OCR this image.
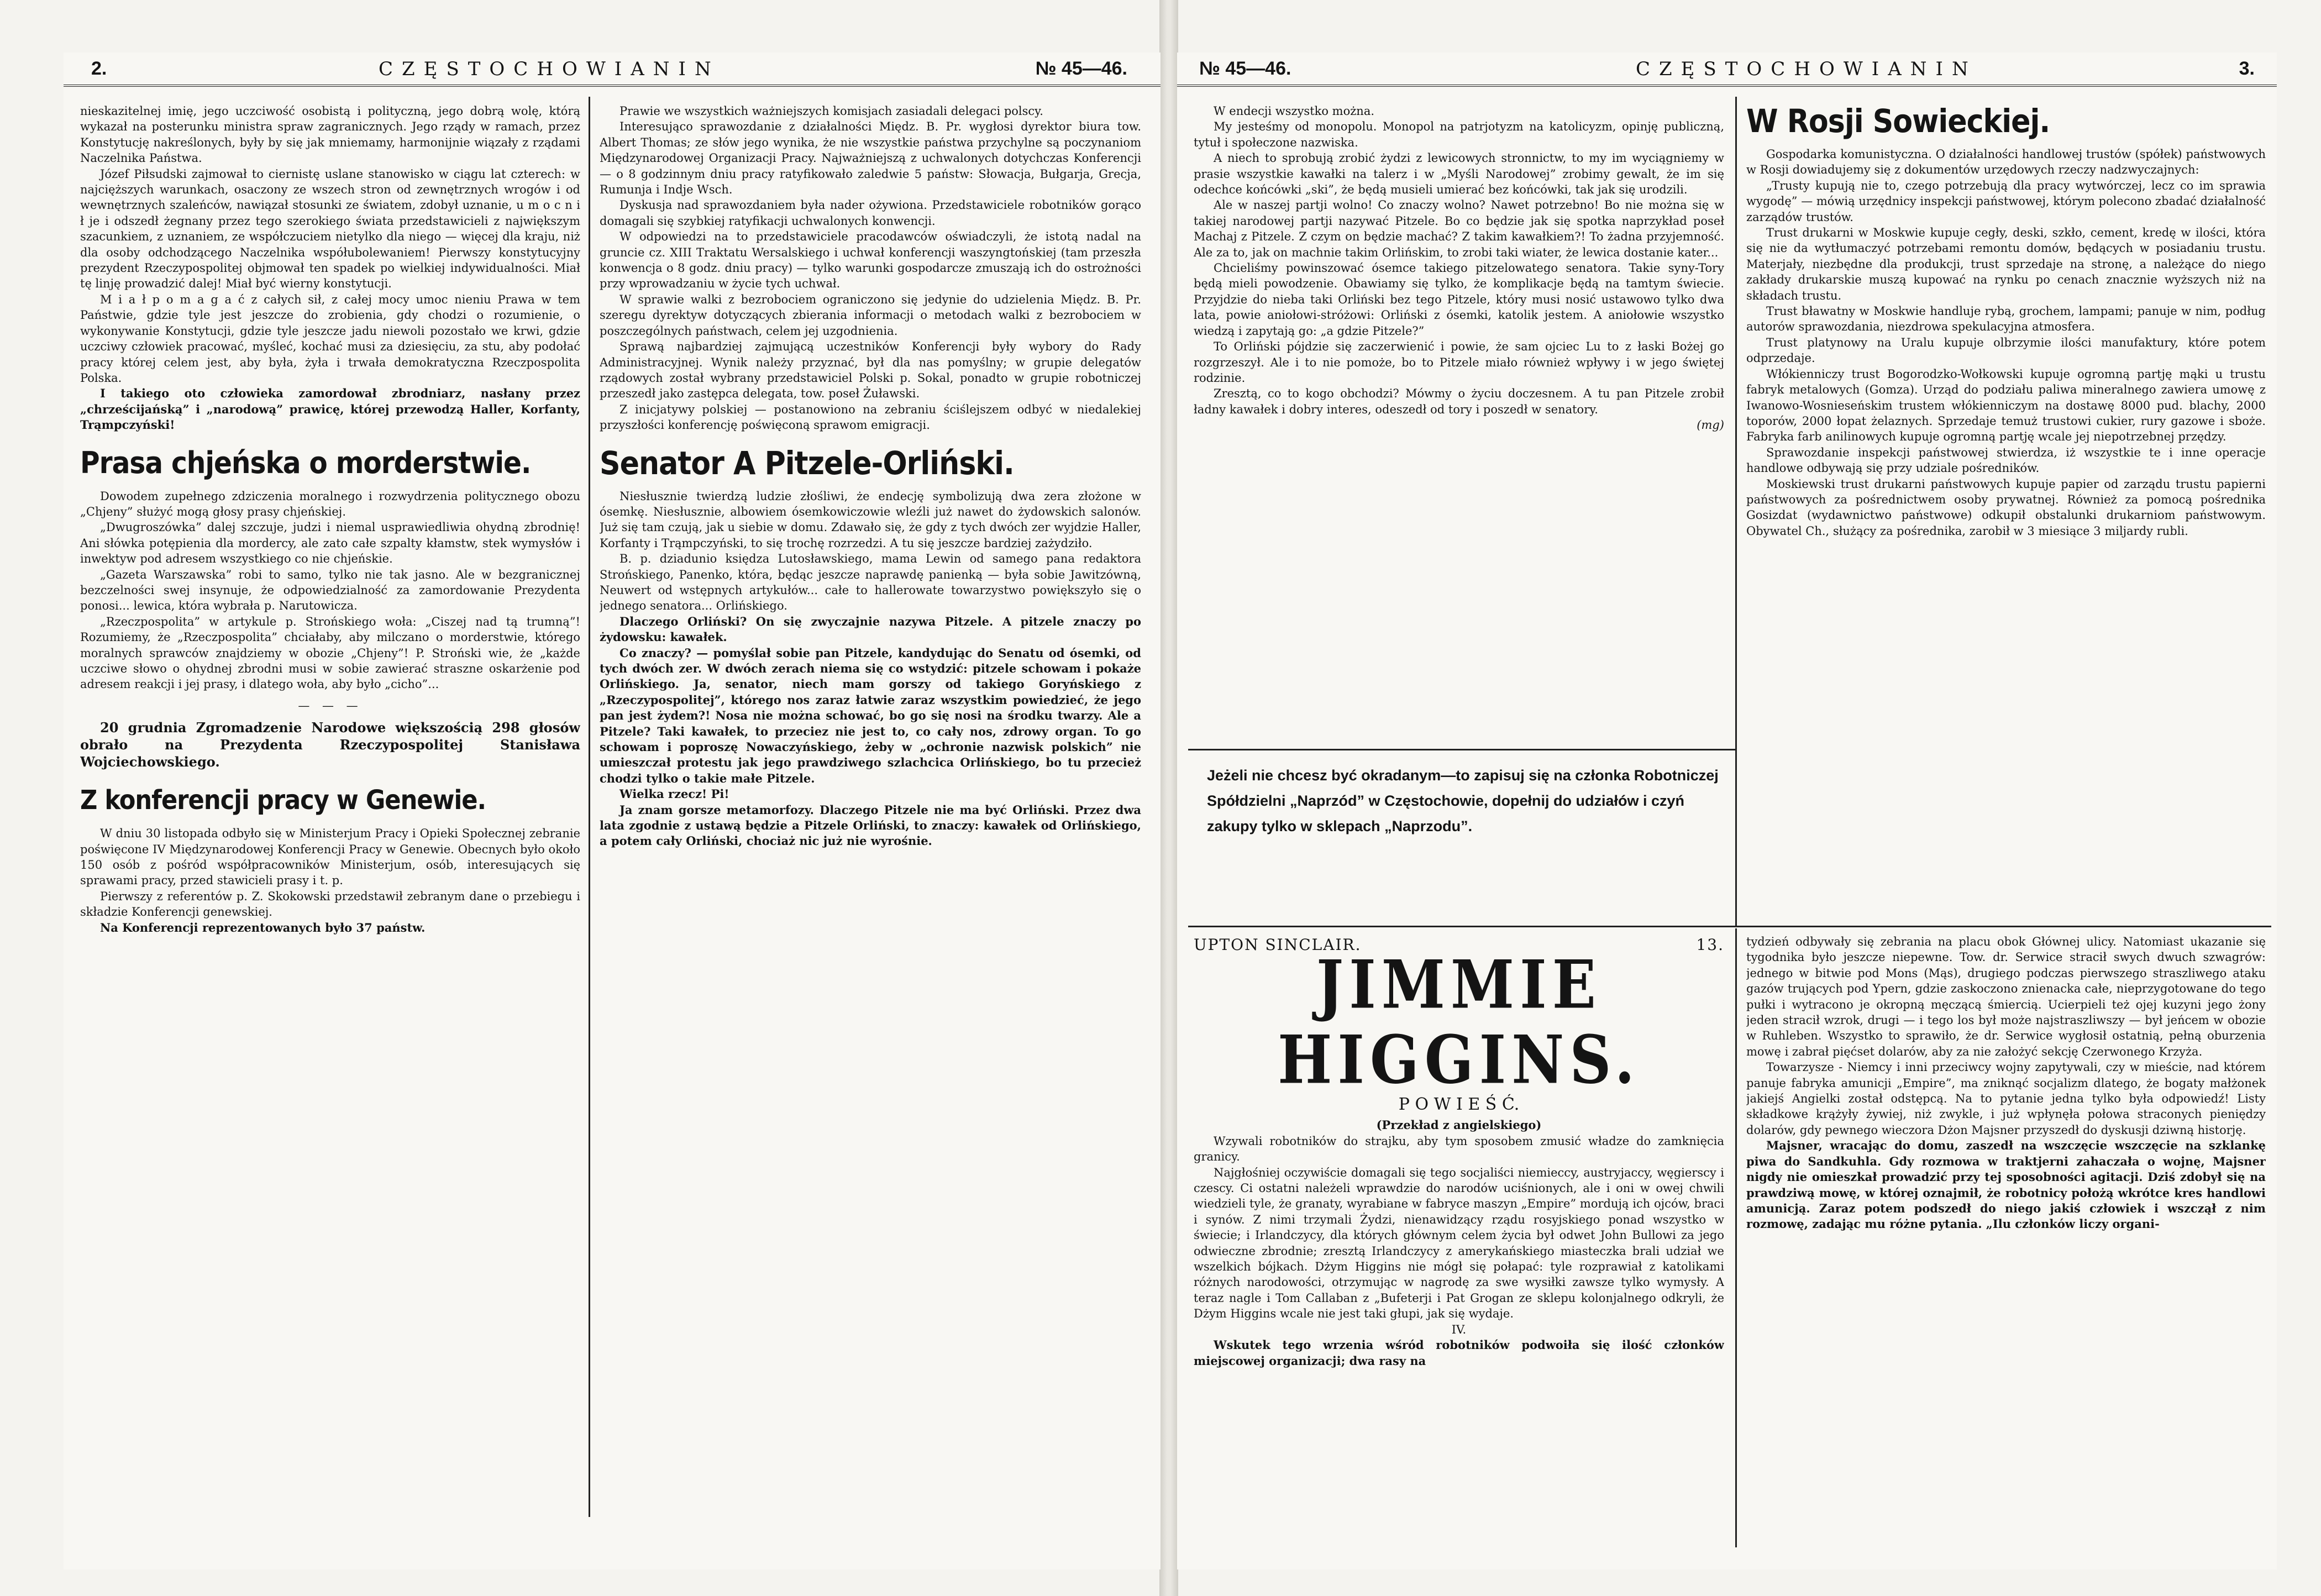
2.	CZĘSTOCHOWIANIN	№ 45—46.

nieskazitelnej imię, jego uczciwość osobistą i polityczną, jego dobrą wolę, którą wykazał na posterunku ministra spraw zagranicznych. Jego rządy w ramach, przez Konstytucję nakreślonych, były by się jak mniemamy, harmonijnie wiązały z rządami Naczelnika Państwa.

Józef Piłsudski zajmował to ciernistę uslane stanowisko w ciągu lat czterech: w najcięższych warunkach, osaczony ze wszech stron od zewnętrznych wrogów i od wewnętrznych szaleńców, nawiązał stosunki ze światem, zdobył uznanie, u m o c n i ł je i odszedł żegnany przez tego szerokiego świata przedstawicieli z największym szacunkiem, z uznaniem, ze współczuciem nietylko dla niego — więcej dla kraju, niż dla osoby odchodzącego Naczelnika współubolewaniem! Pierwszy konstytucyjny prezydent Rzeczypospolitej objmował ten spadek po wielkiej indywidualności. Miał tę linję prowadzić dalej! Miał być wierny konstytucji.

M i a ł p o m a g a ć z całych sił, z całej mocy umoc nieniu Prawa w tem Państwie, gdzie tyle jest jeszcze do zrobienia, gdy chodzi o rozumienie, o wykonywanie Konstytucji, gdzie tyle jeszcze jadu niewoli pozostało we krwi, gdzie uczciwy człowiek pracować, myśleć, kochać musi za dziesięciu, za stu, aby podołać pracy której celem jest, aby była, żyła i trwała demokratyczna Rzeczpospolita Polska.

I takiego oto człowieka zamordował zbrodniarz, nasłany przez „chrześcijańską” i „narodową” prawicę, której przewodzą Haller, Korfanty, Trąmpczyński!

Prasa chjeńska o morderstwie.

Dowodem zupełnego zdziczenia moralnego i rozwydrzenia politycznego obozu „Chjeny” służyć mogą głosy prasy chjeńskiej.

„Dwugroszówka” dalej szczuje, judzi i niemal usprawiedliwia ohydną zbrodnię! Ani słówka potępienia dla mordercy, ale zato całe szpalty kłamstw, stek wymysłów i inwektyw pod adresem wszystkiego co nie chjeńskie.

„Gazeta Warszawska” robi to samo, tylko nie tak jasno. Ale w bezgranicznej bezczelności swej insynuje, że odpowiedzialność za zamordowanie Prezydenta ponosi... lewica, która wybrała p. Narutowicza.

„Rzeczpospolita” w artykule p. Strońskiego woła: „Ciszej nad tą trumną”! Rozumiemy, że „Rzeczpospolita” chciałaby, aby milczano o morderstwie, którego moralnych sprawców znajdziemy w obozie „Chjeny”! P. Stroński wie, że „każde uczciwe słowo o ohydnej zbrodni musi w sobie zawierać straszne oskarżenie pod adresem reakcji i jej prasy, i dlatego woła, aby było „cicho”...

— — —

20 grudnia Zgromadzenie Narodowe większością 298 głosów obrało na Prezydenta Rzeczypospolitej Stanisława Wojciechowskiego.

Z konferencji pracy w Genewie.

W dniu 30 listopada odbyło się w Ministerjum Pracy i Opieki Społecznej zebranie poświęcone IV Międzynarodowej Konferencji Pracy w Genewie. Obecnych było około 150 osób z pośród współpracowników Ministerjum, osób, interesujących się sprawami pracy, przed stawicieli prasy i t. p.

Pierwszy z referentów p. Z. Skokowski przedstawił zebranym dane o przebiegu i składzie Konferencji genewskiej.

Na Konferencji reprezentowanych było 37 państw.

Prawie we wszystkich ważniejszych komisjach zasiadali delegaci polscy.

Interesująco sprawozdanie z działalności Międz. B. Pr. wygłosi dyrektor biura tow. Albert Thomas; ze słów jego wynika, że nie wszystkie państwa przychylne są poczynaniom Międzynarodowej Organizacji Pracy. Najważniejszą z uchwalonych dotychczas Konferencji — o 8 godzinnym dniu pracy ratyfikowało zaledwie 5 państw: Słowacja, Bułgarja, Grecja, Rumunja i Indje Wsch.

Dyskusja nad sprawozdaniem była nader ożywiona. Przedstawiciele robotników gorąco domagali się szybkiej ratyfikacji uchwalonych konwencji.

W odpowiedzi na to przedstawiciele pracodawców oświadczyli, że istotą nadal na gruncie cz. XIII Traktatu Wersalskiego i uchwał konferencji waszyngtońskiej (tam przeszła konwencja o 8 godz. dniu pracy) — tylko warunki gospodarcze zmuszają ich do ostrożności przy wprowadzaniu w życie tych uchwał.

W sprawie walki z bezrobociem ograniczono się jedynie do udzielenia Międz. B. Pr. szeregu dyrektyw dotyczących zbierania informacji o metodach walki z bezrobociem w poszczególnych państwach, celem jej uzgodnienia.

Sprawą najbardziej zajmującą uczestników Konferencji były wybory do Rady Administracyjnej. Wynik należy przyznać, był dla nas pomyślny; w grupie delegatów rządowych został wybrany przedstawiciel Polski p. Sokal, ponadto w grupie robotniczej przeszedł jako zastępca delegata, tow. poseł Żuławski.

Z inicjatywy polskiej — postanowiono na zebraniu ściślejszem odbyć w niedalekiej przyszłości konferencję poświęconą sprawom emigracji.

Senator A Pitzele-Orliński.

Niesłusznie twierdzą ludzie złośliwi, że endecję symbolizują dwa zera złożone w ósemkę. Niesłusznie, albowiem ósemkowiczowie wleźli już nawet do żydowskich salonów. Już się tam czują, jak u siebie w domu. Zdawało się, że gdy z tych dwóch zer wyjdzie Haller, Korfanty i Trąmpczyński, to się trochę rozrzedzi. A tu się jeszcze bardziej zażydziło.

B. p. dziadunio księdza Lutosławskiego, mama Lewin od samego pana redaktora Strońskiego, Panenko, która, będąc jeszcze naprawdę panienką — była sobie Jawitzówną, Neuwert od wstępnych artykułów... całe to hallerowate towarzystwo powiększyło się o jednego senatora... Orlińskiego.

Dlaczego Orliński? On się zwyczajnie nazywa Pitzele. A pitzele znaczy po żydowsku: kawałek.

Co znaczy? — pomyślał sobie pan Pitzele, kandydując do Senatu od ósemki, od tych dwóch zer. W dwóch zerach niema się co wstydzić: pitzele schowam i pokaże Orlińskiego. Ja, senator, niech mam gorszy od takiego Goryńskiego z „Rzeczypospolitej”, którego nos zaraz łatwie zaraz wszystkim powiedzieć, że jego pan jest żydem?! Nosa nie można schować, bo go się nosi na środku twarzy. Ale a Pitzele? Taki kawałek, to przeciez nie jest to, co cały nos, zdrowy organ. To go schowam i poproszę Nowaczyńskiego, żeby w „ochronie nazwisk polskich” nie umieszczał protestu jak jego prawdziwego szlachcica Orlińskiego, bo tu przecież chodzi tylko o takie małe Pitzele.

Wielka rzecz! Pi!

Ja znam gorsze metamorfozy. Dlaczego Pitzele nie ma być Orliński. Przez dwa lata zgodnie z ustawą będzie a Pitzele Orliński, to znaczy: kawałek od Orlińskiego, a potem cały Orliński, chociaż nic już nie wyrośnie.

№ 45—46.	CZĘSTOCHOWIANIN	3.

W endecji wszystko można.

My jesteśmy od monopolu. Monopol na patrjotyzm na katolicyzm, opinję publiczną, tytuł i społeczone nazwiska.

A niech to sprobują zrobić żydzi z lewicowych stronnictw, to my im wyciągniemy w prasie wszystkie kawałki na talerz i w „Myśli Narodowej” zrobimy gewalt, że im się odechce końcówki „ski”, że będą musieli umierać bez końcówki, tak jak się urodzili.

Ale w naszej partji wolno! Co znaczy wolno? Nawet potrzebno! Bo nie można się w takiej narodowej partji nazywać Pitzele. Bo co będzie jak się spotka naprzykład poseł Machaj z Pitzele. Z czym on będzie machać? Z takim kawałkiem?! To żadna przyjemność. Ale za to, jak on machnie takim Orlińskim, to zrobi taki wiater, że lewica dostanie kater...

Chcieliśmy powinszować ósemce takiego pitzelowatego senatora. Takie syny-Tory będą mieli powodzenie. Obawiamy się tylko, że komplikacje będą na tamtym świecie. Przyjdzie do nieba taki Orliński bez tego Pitzele, który musi nosić ustawowo tylko dwa lata, powie aniołowi-stróżowi: Orliński z ósemki, katolik jestem. A aniołowie wszystko wiedzą i zapytają go: „a gdzie Pitzele?”

To Orliński pójdzie się zaczerwienić i powie, że sam ojciec Lu to z łaski Bożej go rozgrzeszył. Ale i to nie pomoże, bo to Pitzele miało również wpływy i w jego świętej rodzinie.

Zresztą, co to kogo obchodzi? Mówmy o życiu doczesnem. A tu pan Pitzele zrobił ładny kawałek i dobry interes, odeszedł od tory i poszedł w senatory.

(mg)

Jeżeli nie chcesz być okradanym—to zapisuj się na członka Robotniczej Spółdzielni „Naprzód” w Częstochowie, dopełnij do udziałów i czyń zakupy tylko w sklepach „Naprzodu”.
W Rosji Sowieckiej.

Gospodarka komunistyczna. O działalności handlowej trustów (spółek) państwowych w Rosji dowiadujemy się z dokumentów urzędowych rzeczy nadzwyczajnych:

„Trusty kupują nie to, czego potrzebują dla pracy wytwórczej, lecz co im sprawia wygodę” — mówią urzędnicy inspekcji państwowej, którym polecono zbadać działalność zarządów trustów.

Trust drukarni w Moskwie kupuje cegły, deski, szkło, cement, kredę w ilości, która się nie da wytłumaczyć potrzebami remontu domów, będących w posiadaniu trustu. Materjały, niezbędne dla produkcji, trust sprzedaje na stronę, a należące do niego zakłady drukarskie muszą kupować na rynku po cenach znacznie wyższych niż na składach trustu.

Trust bławatny w Moskwie handluje rybą, grochem, lampami; panuje w nim, podług autorów sprawozdania, niezdrowa spekulacyjna atmosfera.

Trust platynowy na Uralu kupuje olbrzymie ilości manufaktury, które potem odprzedaje.

Włókienniczy trust Bogorodzko-Wołkowski kupuje ogromną partję mąki u trustu fabryk metalowych (Gomza). Urząd do podziału paliwa mineralnego zawiera umowę z Iwanowo-Wosnieseńskim trustem włókienniczym na dostawę 8000 pud. blachy, 2000 toporów, 2000 łopat żelaznych. Sprzedaje temuż trustowi cukier, rury gazowe i sboże. Fabryka farb anilinowych kupuje ogromną partję wcale jej niepotrzebnej przędzy.

Sprawozdanie inspekcji państwowej stwierdza, iż wszystkie te i inne operacje handlowe odbywają się przy udziale pośredników.

Moskiewski trust drukarni państwowych kupuje papier od zarządu trustu papierni państwowych za pośrednictwem osoby prywatnej. Również za pomocą pośrednika Gosizdat (wydawnictwo państwowe) odkupił obstalunki drukarniom państwowym. Obywatel Ch., służący za pośrednika, zarobił w 3 miesiące 3 miljardy rubli.

UPTON SINCLAIR.	13.
JIMMIE HIGGINS.

P O W I E Ś Ć.

(Przekład z angielskiego)

Wzywali robotników do strajku, aby tym sposobem zmusić władze do zamknięcia granicy.

Najgłośniej oczywiście domagali się tego socjaliści niemieccy, austryjaccy, węgierscy i czescy. Ci ostatni należeli wprawdzie do narodów uciśnionych, ale i oni w owej chwili wiedzieli tyle, że granaty, wyrabiane w fabryce maszyn „Empire” mordują ich ojców, braci i synów. Z nimi trzymali Żydzi, nienawidzący rządu rosyjskiego ponad wszystko w świecie; i Irlandczycy, dla których głównym celem życia był odwet John Bullowi za jego odwieczne zbrodnie; zresztą Irlandczycy z amerykańskiego miasteczka brali udział we wszelkich bójkach. Dżym Higgins nie mógł się połapać: tyle rozprawiał z katolikami różnych narodowości, otrzymując w nagrodę za swe wysiłki zawsze tylko wymysły. A teraz nagle i Tom Callaban z „Bufeterji i Pat Grogan ze sklepu kolonjalnego odkryli, że Dżym Higgins wcale nie jest taki głupi, jak się wydaje.

IV.

Wskutek tego wrzenia wśród robotników podwoiła się ilość członków miejscowej organizacji; dwa rasy na

tydzień odbywały się zebrania na placu obok Głównej ulicy. Natomiast ukazanie się tygodnika było jeszcze niepewne. Tow. dr. Serwice stracił swych dwuch szwagrów: jednego w bitwie pod Mons (Mąs), drugiego podczas pierwszego straszliwego ataku gazów trujących pod Ypern, gdzie zaskoczono znienacka całe, nieprzygotowane do tego pułki i wytracono je okropną męczącą śmiercią. Ucierpieli też ojej kuzyni jego żony jeden stracił wzrok, drugi — i tego los był może najstraszliwszy — był jeńcem w obozie w Ruhleben. Wszystko to sprawiło, że dr. Serwice wygłosił ostatnią, pełną oburzenia mowę i zabrał pięćset dolarów, aby za nie założyć sekcję Czerwonego Krzyża.

Towarzysze - Niemcy i inni przeciwcy wojny zapytywali, czy w mieście, nad którem panuje fabryka amunicji „Empire”, ma zniknąć socjalizm dlatego, że bogaty małżonek jakiejś Angielki został odstępcą. Na to pytanie jedna tylko była odpowiedź! Listy składkowe krążyły żywiej, niż zwykle, i już wpłynęła połowa straconych pieniędzy dolarów, gdy pewnego wieczora Dżon Majsner przyszedł do dyskusji dziwną historję.

Majsner, wracając do domu, zaszedł na wszczęcie wszczęcie na szklankę piwa do Sandkuhla. Gdy rozmowa w traktjerni zahaczała o wojnę, Majsner nigdy nie omieszkał prowadzić przy tej sposobności agitacji. Dziś zdobył się na prawdziwą mowę, w której oznajmił, że robotnicy położą wkrótce kres handlowi amunicją. Zaraz potem podszedł do niego jakiś człowiek i wszczął z nim rozmowę, zadając mu różne pytania. „Ilu członków liczy organi-
